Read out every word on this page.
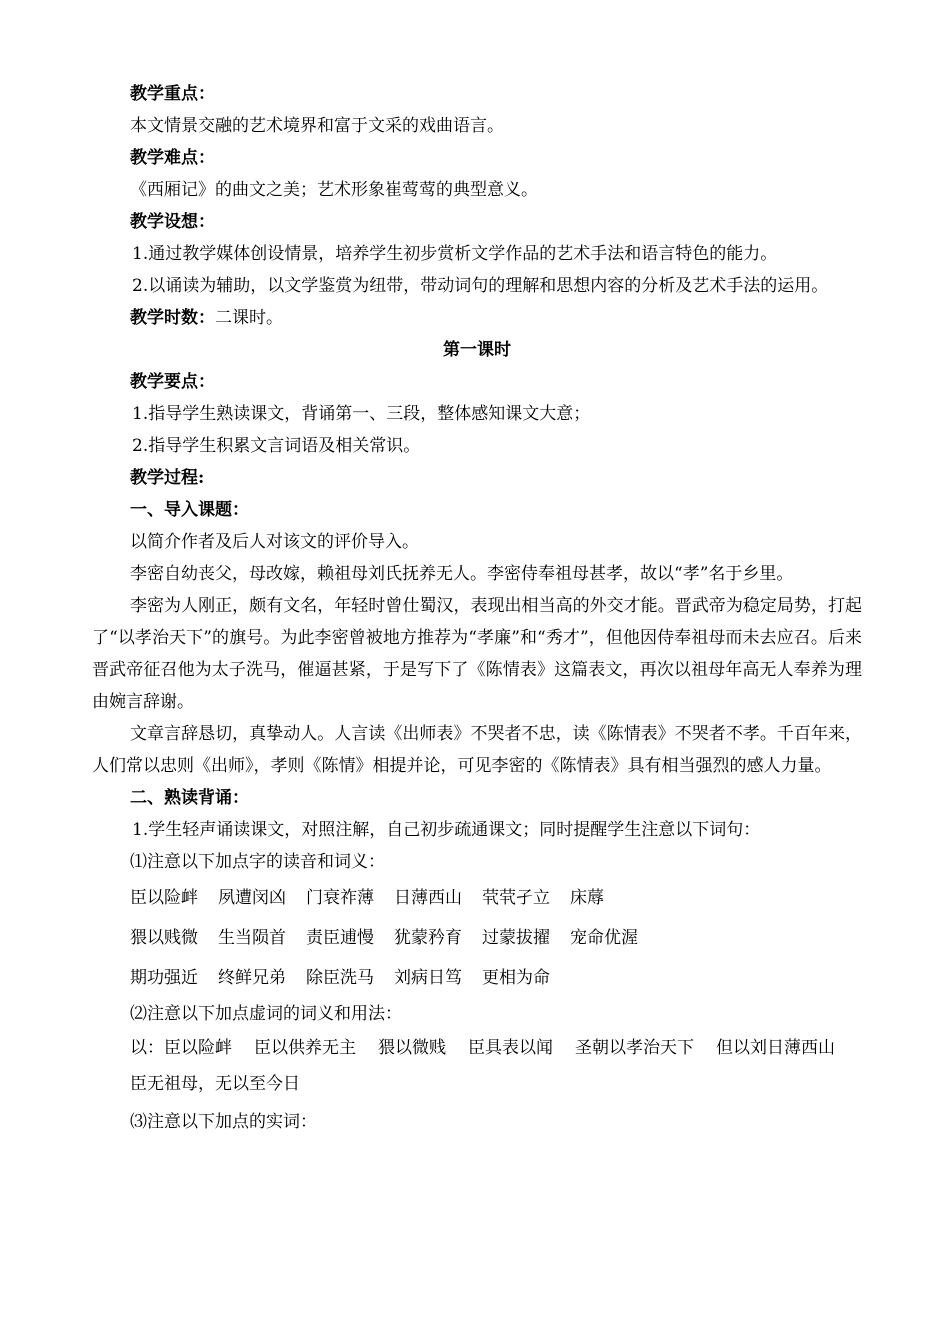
教学重点：
本文情景交融的艺术境界和富于文采的戏曲语言。
教学难点：
《西厢记》的曲文之美；艺术形象崔莺莺的典型意义。
教学设想：
1.通过教学媒体创设情景，培养学生初步赏析文学作品的艺术手法和语言特色的能力。
2.以诵读为辅助，以文学鉴赏为纽带，带动词句的理解和思想内容的分析及艺术手法的运用。
教学时数：二课时。
第一课时
教学要点：
1.指导学生熟读课文，背诵第一、三段，整体感知课文大意；
2.指导学生积累文言词语及相关常识。
教学过程:
一、导入课题：
以简介作者及后人对该文的评价导入。
李密自幼丧父，母改嫁，赖祖母刘氏抚养无人。李密侍奉祖母甚孝，故以“孝”名于乡里。
李密为人刚正，颇有文名，年轻时曾仕蜀汉，表现出相当高的外交才能。晋武帝为稳定局势，打起了“以孝治天下”的旗号。为此李密曾被地方推荐为“孝廉”和“秀才”，但他因侍奉祖母而未去应召。后来晋武帝征召他为太子洗马，催逼甚紧，于是写下了《陈情表》这篇表文，再次以祖母年高无人奉养为理由婉言辞谢。
文章言辞恳切，真挚动人。人言读《出师表》不哭者不忠，读《陈情表》不哭者不孝。千百年来，人们常以忠则《出师》，孝则《陈情》相提并论，可见李密的《陈情表》具有相当强烈的感人力量。
二、熟读背诵：
1.学生轻声诵读课文，对照注解，自己初步疏通课文；同时提醒学生注意以下词句：
⑴注意以下加点字的读音和词义：
臣以险衅 夙遭闵凶 门衰祚薄 日薄西山 茕茕孑立 床蓐
猥以贱微 生当陨首 责臣逋慢 犹蒙矜育 过蒙拔擢 宠命优渥
期功强近 终鲜兄弟 除臣洗马 刘病日笃 更相为命
⑵注意以下加点虚词的词义和用法：
以：臣以险衅 臣以供养无主 猥以微贱 臣具表以闻 圣朝以孝治天下 但以刘日薄西山臣无祖母，无以至今日
⑶注意以下加点的实词：
